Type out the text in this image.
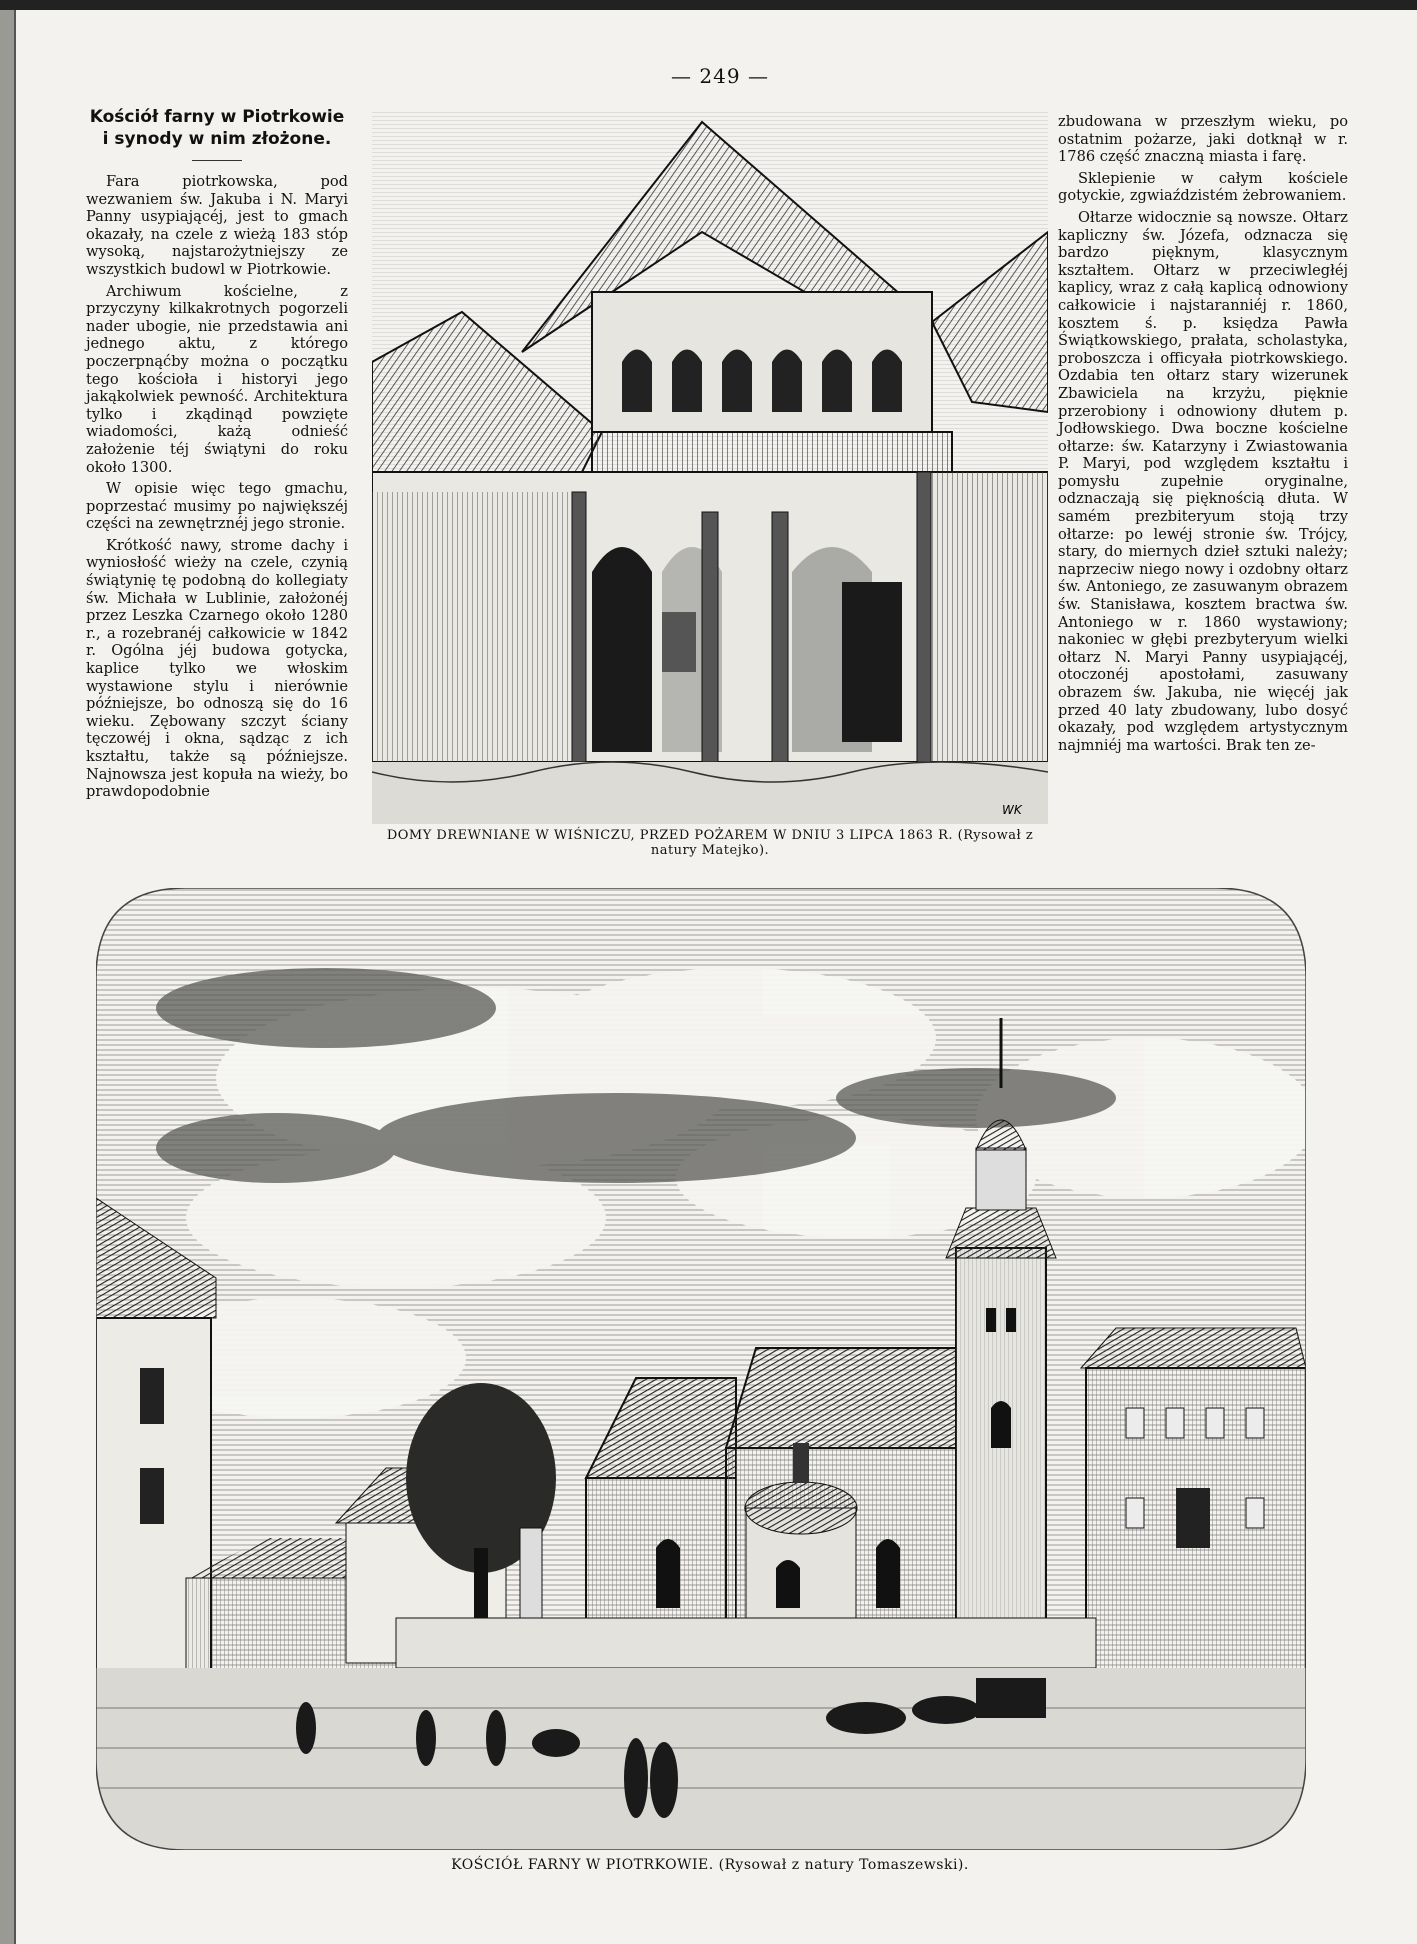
— 249 —
Kościół farny w Piotrkowie
i synody w nim złożone.

Fara piotrkowska, pod wezwaniem św. Jakuba i N. Maryi Panny usypiającéj, jest to gmach okazały, na czele z wieżą 183 stóp wysoką, najstarożytniejszy ze wszystkich budowl w Piotrkowie.

Archiwum kościelne, z przyczyny kilkakrotnych pogorzeli nader ubogie, nie przedstawia ani jednego aktu, z którego poczerpnąćby można o początku tego kościoła i historyi jego jakąkolwiek pewność. Architektura tylko i zkądinąd powzięte wiadomości, każą odnieść założenie téj świątyni do roku około 1300.

W opisie więc tego gmachu, poprzestać musimy po największéj części na zewnętrznéj jego stronie.

Krótkość nawy, strome dachy i wyniosłość wieży na czele, czynią świątynię tę podobną do kollegiaty św. Michała w Lublinie, założonéj przez Leszka Czarnego około 1280 r., a rozebranéj całkowicie w 1842 r. Ogólna jéj budowa gotycka, kaplice tylko we włoskim wystawione stylu i nierównie późniejsze, bo odnoszą się do 16 wieku. Zębowany szczyt ściany tęczowéj i okna, sądząc z ich kształtu, także są późniejsze. Najnowsza jest kopuła na wieży, bo prawdopodobnie

WK
DOMY DREWNIANE W WIŚNICZU, PRZED POŻAREM W DNIU 3 LIPCA 1863 R. (Rysował z natury Matejko).

zbudowana w przeszłym wieku, po ostatnim pożarze, jaki dotknął w r. 1786 część znaczną miasta i farę.

Sklepienie w całym kościele gotyckie, zgwiaździstém żebrowaniem.

Ołtarze widocznie są nowsze. Ołtarz kapliczny św. Józefa, odznacza się bardzo pięknym, klasycznym kształtem. Ołtarz w przeciwległéj kaplicy, wraz z całą kaplicą odnowiony całkowicie i najstaranniéj r. 1860, kosztem ś. p. księdza Pawła Świątkowskiego, prałata, scholastyka, proboszcza i officyała piotrkowskiego. Ozdabia ten ołtarz stary wizerunek Zbawiciela na krzyżu, pięknie przerobiony i odnowiony dłutem p. Jodłowskiego. Dwa boczne kościelne ołtarze: św. Katarzyny i Zwiastowania P. Maryi, pod względem kształtu i pomysłu zupełnie oryginalne, odznaczają się pięknością dłuta. W samém prezbiteryum stoją trzy ołtarze: po lewéj stronie św. Trójcy, stary, do miernych dzieł sztuki należy; naprzeciw niego nowy i ozdobny ołtarz św. Antoniego, ze zasuwanym obrazem św. Stanisława, kosztem bractwa św. Antoniego w r. 1860 wystawiony; nakoniec w głębi prezbyteryum wielki ołtarz N. Maryi Panny usypiającéj, otoczonéj apostołami, zasuwany obrazem św. Jakuba, nie więcéj jak przed 40 laty zbudowany, lubo dosyć okazały, pod względem artystycznym najmniéj ma wartości. Brak ten ze-

KOŚCIÓŁ FARNY W PIOTRKOWIE. (Rysował z natury Tomaszewski).
